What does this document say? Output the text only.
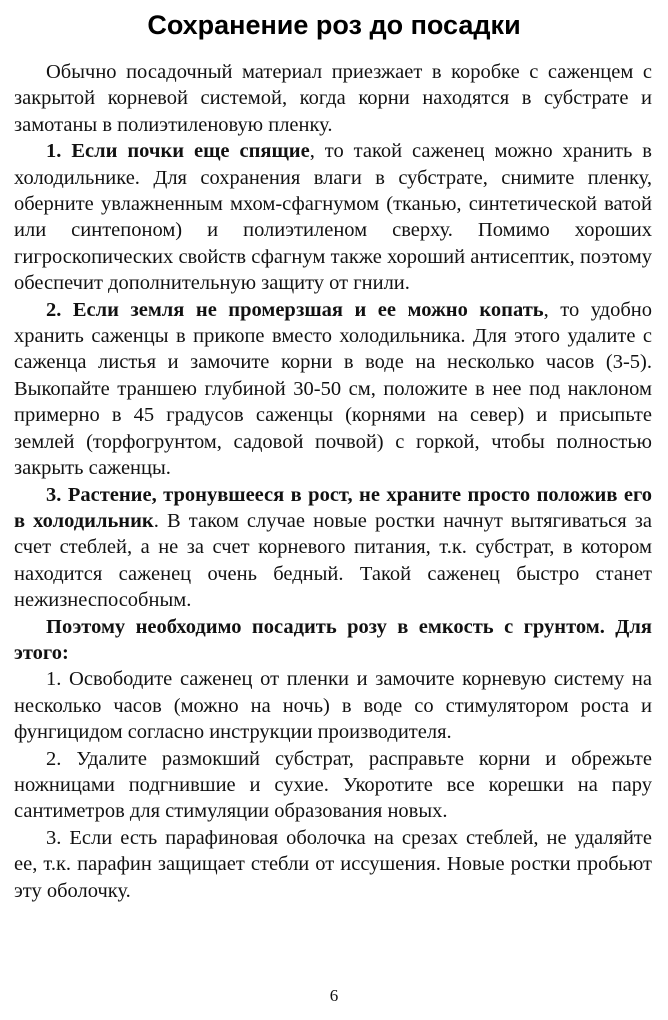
Сохранение роз до посадки

Обычно посадочный материал приезжает в коробке с саженцем с закрытой корневой системой, когда корни находятся в субстрате и замотаны в полиэтиленовую пленку.

1. Если почки еще спящие, то такой саженец можно хранить в холодильнике. Для сохранения влаги в субстрате, снимите пленку, оберните увлажненным мхом-сфагнумом (тканью, синтетической ватой или синтепоном) и полиэтиленом сверху. Помимо хороших гигроскопических свойств сфагнум также хороший антисептик, поэтому обеспечит дополнительную защиту от гнили.

2. Если земля не промерзшая и ее можно копать, то удобно хранить саженцы в прикопе вместо холодильника. Для этого удалите с саженца листья и замочите корни в воде на несколько часов (3-5). Выкопайте траншею глубиной 30-50 см, положите в нее под наклоном примерно в 45 градусов саженцы (корнями на север) и присыпьте землей (торфогрунтом, садовой почвой) с горкой, чтобы полностью закрыть саженцы.

3. Растение, тронувшееся в рост, не храните просто положив его в холодильник. В таком случае новые ростки начнут вытягиваться за счет стеблей, а не за счет корневого питания, т.к. субстрат, в котором находится саженец очень бедный. Такой саженец быстро станет нежизнеспособным.

Поэтому необходимо посадить розу в емкость с грунтом. Для этого:

1. Освободите саженец от пленки и замочите корневую систему на несколько часов (можно на ночь) в воде со стимулятором роста и фунгицидом согласно инструкции производителя.

2. Удалите размокший субстрат, расправьте корни и обрежьте ножницами подгнившие и сухие. Укоротите все корешки на пару сантиметров для стимуляции образования новых.

3. Если есть парафиновая оболочка на срезах стеблей, не удаляйте ее, т.к. парафин защищает стебли от иссушения. Новые ростки пробьют эту оболочку.

6
